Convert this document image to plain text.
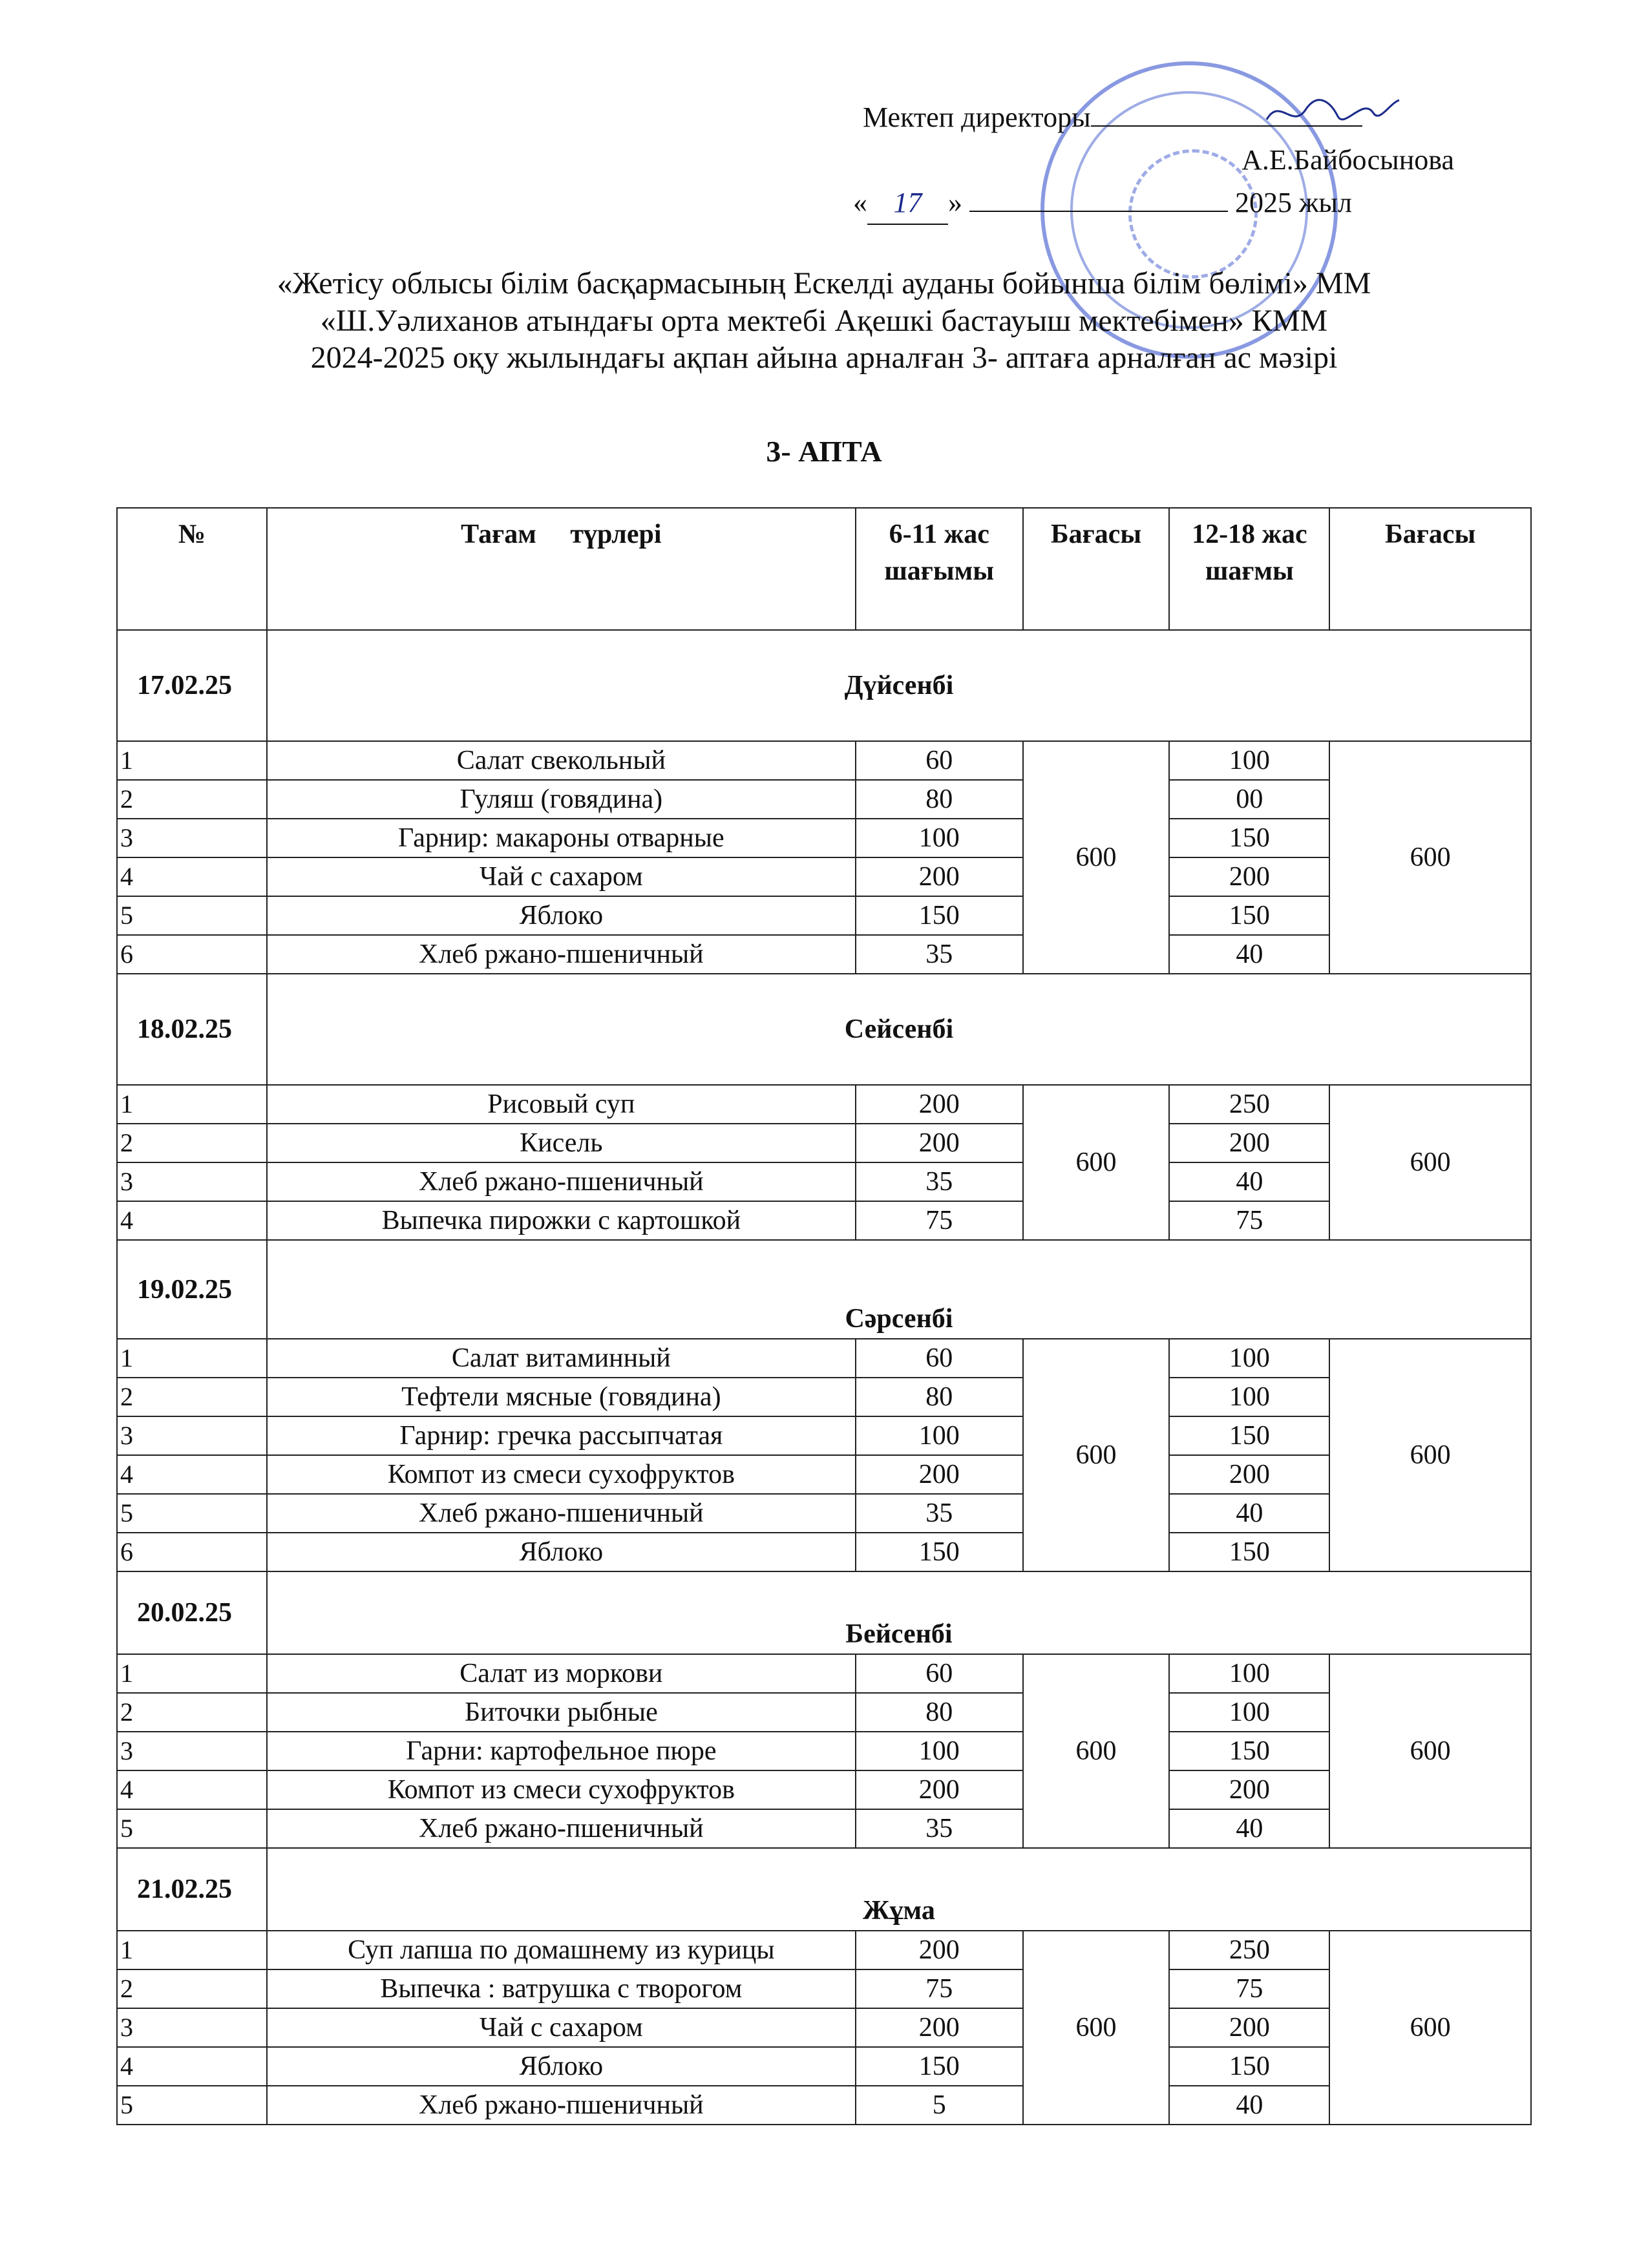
Мектеп директоры
А.Е.Байбосынова
« 17 »	2025 жыл
«Жетісу облысы білім басқармасының Ескелді ауданы бойынша білім бөлімі» ММ
«Ш.Уәлиханов атындағы орта мектебі Ақешкі бастауыш мектебімен» КММ
2024-2025 оқу жылындағы ақпан айына арналған 3- аптаға арналған ас мәзірі
3- АПТА
№	Тағам     түрлері	6-11 жас шағымы	Бағасы	12-18 жас шағмы	Бағасы
17.02.25	Дүйсенбі				
1	Салат свекольный	60	600	100	600
2	Гуляш (говядина)	80		00	
3	Гарнир: макароны отварные	100		150	
4	Чай с сахаром	200		200	
5	Яблоко	150		150	
6	Хлеб ржано-пшеничный	35		40	
18.02.25	Сейсенбі				
1	Рисовый суп	200	600	250	600
2	Кисель	200		200	
3	Хлеб ржано-пшеничный	35		40	
4	Выпечка пирожки с картошкой	75		75	
19.02.25	Сәрсенбі				
1	Салат витаминный	60	600	100	600
2	Тефтели мясные (говядина)	80		100	
3	Гарнир: гречка рассыпчатая	100		150	
4	Компот из смеси сухофруктов	200		200	
5	Хлеб ржано-пшеничный	35		40	
6	Яблоко	150		150	
20.02.25	Бейсенбі				
1	Салат из моркови	60	600	100	600
2	Биточки рыбные	80		100	
3	Гарни: картофельное пюре	100		150	
4	Компот из смеси сухофруктов	200		200	
5	Хлеб ржано-пшеничный	35		40	
21.02.25	Жұма				
1	Суп лапша по домашнему из курицы	200	600	250	600
2	Выпечка : ватрушка с творогом	75		75	
3	Чай с сахаром	200		200	
4	Яблоко	150		150	
5	Хлеб ржано-пшеничный	5		40	
